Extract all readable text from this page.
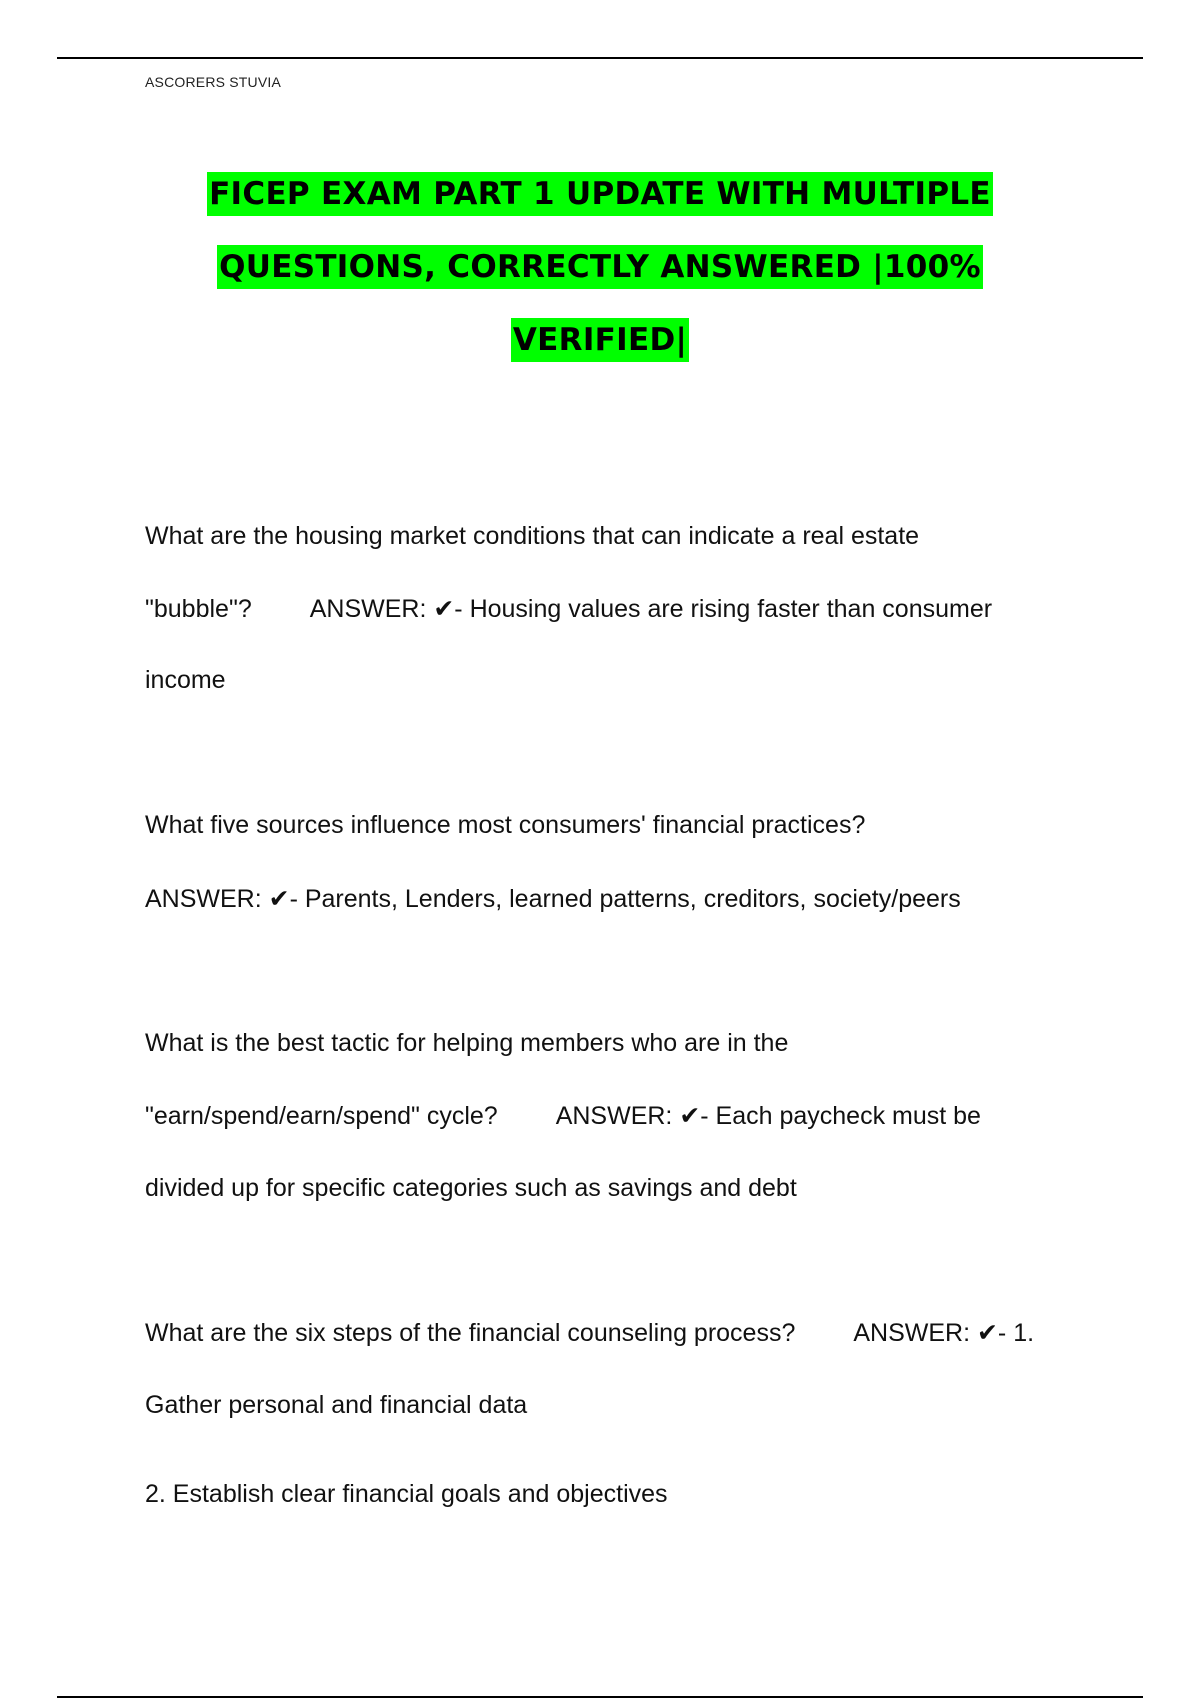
ASCORERS STUVIA
FICEP EXAM PART 1 UPDATE WITH MULTIPLE
QUESTIONS, CORRECTLY ANSWERED |100%
VERIFIED|
What are the housing market conditions that can indicate a real estate
"bubble"? ANSWER: ✔- Housing values are rising faster than consumer
income
What five sources influence most consumers' financial practices?
ANSWER: ✔- Parents, Lenders, learned patterns, creditors, society/peers
What is the best tactic for helping members who are in the
"earn/spend/earn/spend" cycle? ANSWER: ✔- Each paycheck must be
divided up for specific categories such as savings and debt
What are the six steps of the financial counseling process? ANSWER: ✔- 1.
Gather personal and financial data
2. Establish clear financial goals and objectives
